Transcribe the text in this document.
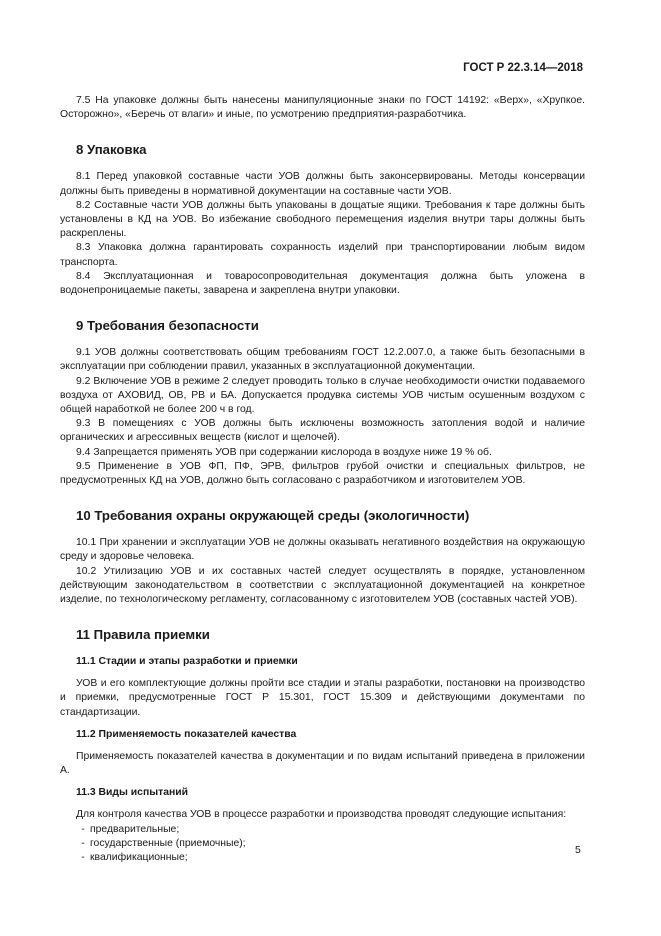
ГОСТ Р 22.3.14—2018

7.5 На упаковке должны быть нанесены манипуляционные знаки по ГОСТ 14192: «Верх», «Хрупкое. Осторожно», «Беречь от влаги» и иные, по усмотрению предприятия-разработчика.

8 Упаковка

8.1 Перед упаковкой составные части УОВ должны быть законсервированы. Методы консервации должны быть приведены в нормативной документации на составные части УОВ.

8.2 Составные части УОВ должны быть упакованы в дощатые ящики. Требования к таре должны быть установлены в КД на УОВ. Во избежание свободного перемещения изделия внутри тары должны быть раскреплены.

8.3 Упаковка должна гарантировать сохранность изделий при транспортировании любым видом транспорта.

8.4 Эксплуатационная и товаросопроводительная документация должна быть уложена в водонепроницаемые пакеты, заварена и закреплена внутри упаковки.

9 Требования безопасности

9.1 УОВ должны соответствовать общим требованиям ГОСТ 12.2.007.0, а также быть безопасными в эксплуатации при соблюдении правил, указанных в эксплуатационной документации.

9.2 Включение УОВ в режиме 2 следует проводить только в случае необходимости очистки подаваемого воздуха от АХОВИД, ОВ, РВ и БА. Допускается продувка системы УОВ чистым осушенным воздухом с общей наработкой не более 200 ч в год.

9.3 В помещениях с УОВ должны быть исключены возможность затопления водой и наличие органических и агрессивных веществ (кислот и щелочей).

9.4 Запрещается применять УОВ при содержании кислорода в воздухе ниже 19 % об.

9.5 Применение в УОВ ФП, ПФ, ЭРВ, фильтров грубой очистки и специальных фильтров, не предусмотренных КД на УОВ, должно быть согласовано с разработчиком и изготовителем УОВ.

10 Требования охраны окружающей среды (экологичности)

10.1 При хранении и эксплуатации УОВ не должны оказывать негативного воздействия на окружающую среду и здоровье человека.

10.2 Утилизацию УОВ и их составных частей следует осуществлять в порядке, установленном действующим законодательством в соответствии с эксплуатационной документацией на конкретное изделие, по технологическому регламенту, согласованному с изготовителем УОВ (составных частей УОВ).

11 Правила приемки
11.1 Стадии и этапы разработки и приемки

УОВ и его комплектующие должны пройти все стадии и этапы разработки, постановки на производство и приемки, предусмотренные ГОСТ Р 15.301, ГОСТ 15.309 и действующими документами по стандартизации.

11.2 Применяемость показателей качества

Применяемость показателей качества в документации и по видам испытаний приведена в приложении А.

11.3 Виды испытаний

Для контроля качества УОВ в процессе разработки и производства проводят следующие испытания:

- предварительные;
- государственные (приемочные);
- квалификационные;
5
